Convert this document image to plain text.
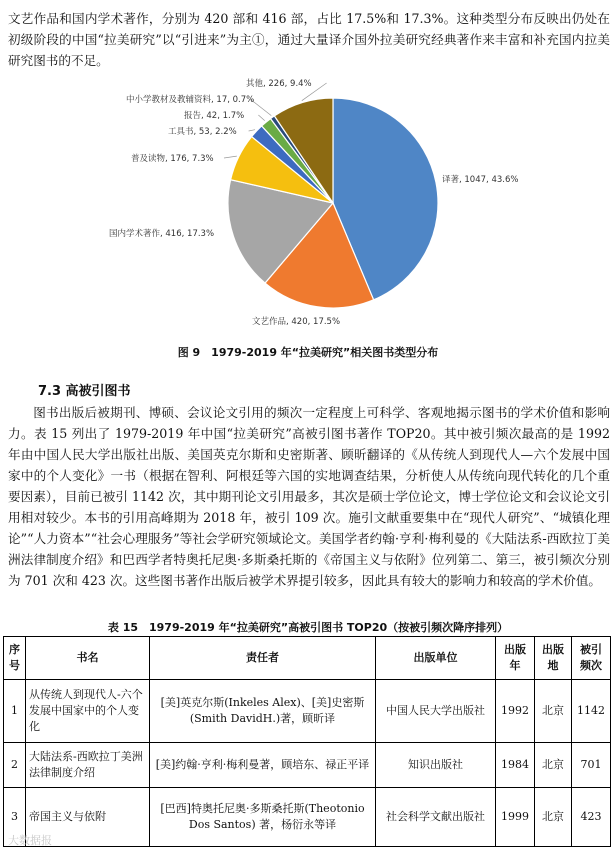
文艺作品和国内学术著作，分别为 420 部和 416 部，占比 17.5%和 17.3%。这种类型分布反映出仍处在初级阶段的中国“拉美研究”以“引进来”为主①，通过大量译介国外拉美研究经典著作来丰富和补充国内拉美研究图书的不足。
译著, 1047, 43.6%
文艺作品, 420, 17.5%
国内学术著作, 416, 17.3%
普及读物, 176, 7.3%
工具书, 53, 2.2%
报告, 42, 1.7%
中小学教材及教辅资料, 17, 0.7%
其他, 226, 9.4%
图 9　1979-2019 年“拉美研究”相关图书类型分布
7.3 高被引图书
图书出版后被期刊、博硕、会议论文引用的频次一定程度上可科学、客观地揭示图书的学术价值和影响力。表 15 列出了 1979-2019 年中国“拉美研究”高被引图书著作 TOP20。其中被引频次最高的是 1992 年由中国人民大学出版社出版、美国英克尔斯和史密斯著、顾昕翻译的《从传统人到现代人—六个发展中国家中的个人变化》一书（根据在智利、阿根廷等六国的实地调查结果，分析使人从传统向现代转化的几个重要因素），目前已被引 1142 次，其中期刊论文引用最多，其次是硕士学位论文，博士学位论文和会议论文引用相对较少。本书的引用高峰期为 2018 年，被引 109 次。施引文献重要集中在“现代人研究”、“城镇化理论”“人力资本”“社会心理服务”等社会学研究领域论文。美国学者约翰·亨利·梅利曼的《大陆法系-西欧拉丁美洲法律制度介绍》和巴西学者特奥托尼奥·多斯桑托斯的《帝国主义与依附》位列第二、第三，被引频次分别为 701 次和 423 次。这些图书著作出版后被学术界提引较多，因此具有较大的影响力和较高的学术价值。
表 15　1979-2019 年“拉美研究”高被引图书 TOP20（按被引频次降序排列）
序号	书名	责任者	出版单位	出版年	出版地	被引频次
1	从传统人到现代人-六个发展中国家中的个人变化	[美]英克尔斯(Inkeles Alex)、[美]史密斯(Smith DavidH.)著，顾昕译	中国人民大学出版社	1992	北京	1142
2	大陆法系-西欧拉丁美洲法律制度介绍	[美]约翰·亨利·梅利曼著，顾培东、禄正平译	知识出版社	1984	北京	701
3	帝国主义与依附	[巴西]特奥托尼奥·多斯桑托斯(Theotonio Dos Santos) 著，杨衍永等译	社会科学文献出版社	1999	北京	423
大数据报
